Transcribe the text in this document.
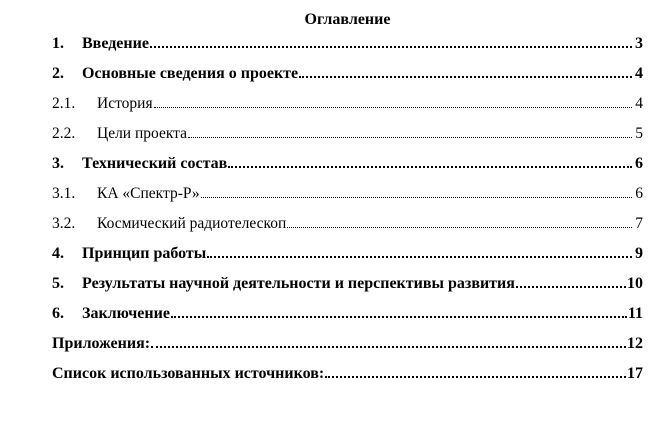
Оглавление
1.	Введение	3
2.	Основные сведения о проекте	4
2.1.	История	4
2.2.	Цели проекта	5
3.	Технический состав	6
3.1.	КА «Спектр-Р»	6
3.2.	Космический радиотелескоп	7
4.	Принцип работы	9
5.	Результаты научной деятельности и перспективы развития	10
6.	Заключение	11
Приложения:	12
Список использованных источников:	17
